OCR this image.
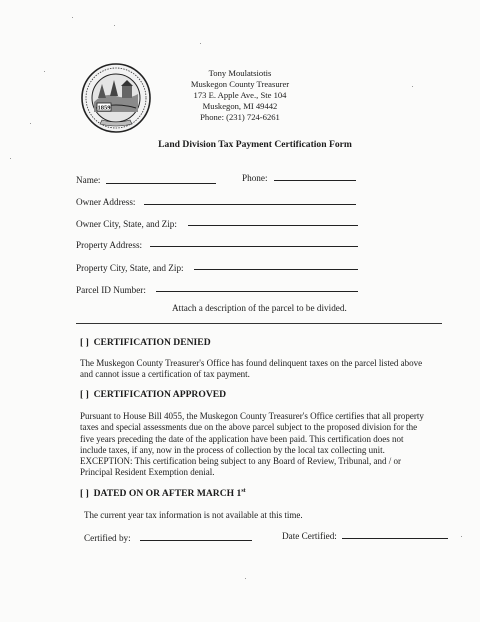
1859
Tony Moulatsiotis
Muskegon County Treasurer
173 E. Apple Ave., Ste 104
Muskegon, MI 49442
Phone: (231) 724-6261
Land Division Tax Payment Certification Form
Name:	Phone:
Owner Address:
Owner City, State, and Zip:
Property Address:
Property City, State, and Zip:
Parcel ID Number:
Attach a description of the parcel to be divided.
[ ] CERTIFICATION DENIED
The Muskegon County Treasurer's Office has found delinquent taxes on the parcel listed above
and cannot issue a certification of tax payment.
[ ] CERTIFICATION APPROVED
Pursuant to House Bill 4055, the Muskegon County Treasurer's Office certifies that all property
taxes and special assessments due on the above parcel subject to the proposed division for the
five years preceding the date of the application have been paid. This certification does not
include taxes, if any, now in the process of collection by the local tax collecting unit.
EXCEPTION: This certification being subject to any Board of Review, Tribunal, and / or
Principal Resident Exemption denial.
[ ] DATED ON OR AFTER MARCH 1st
The current year tax information is not available at this time.
Certified by:	Date Certified:
